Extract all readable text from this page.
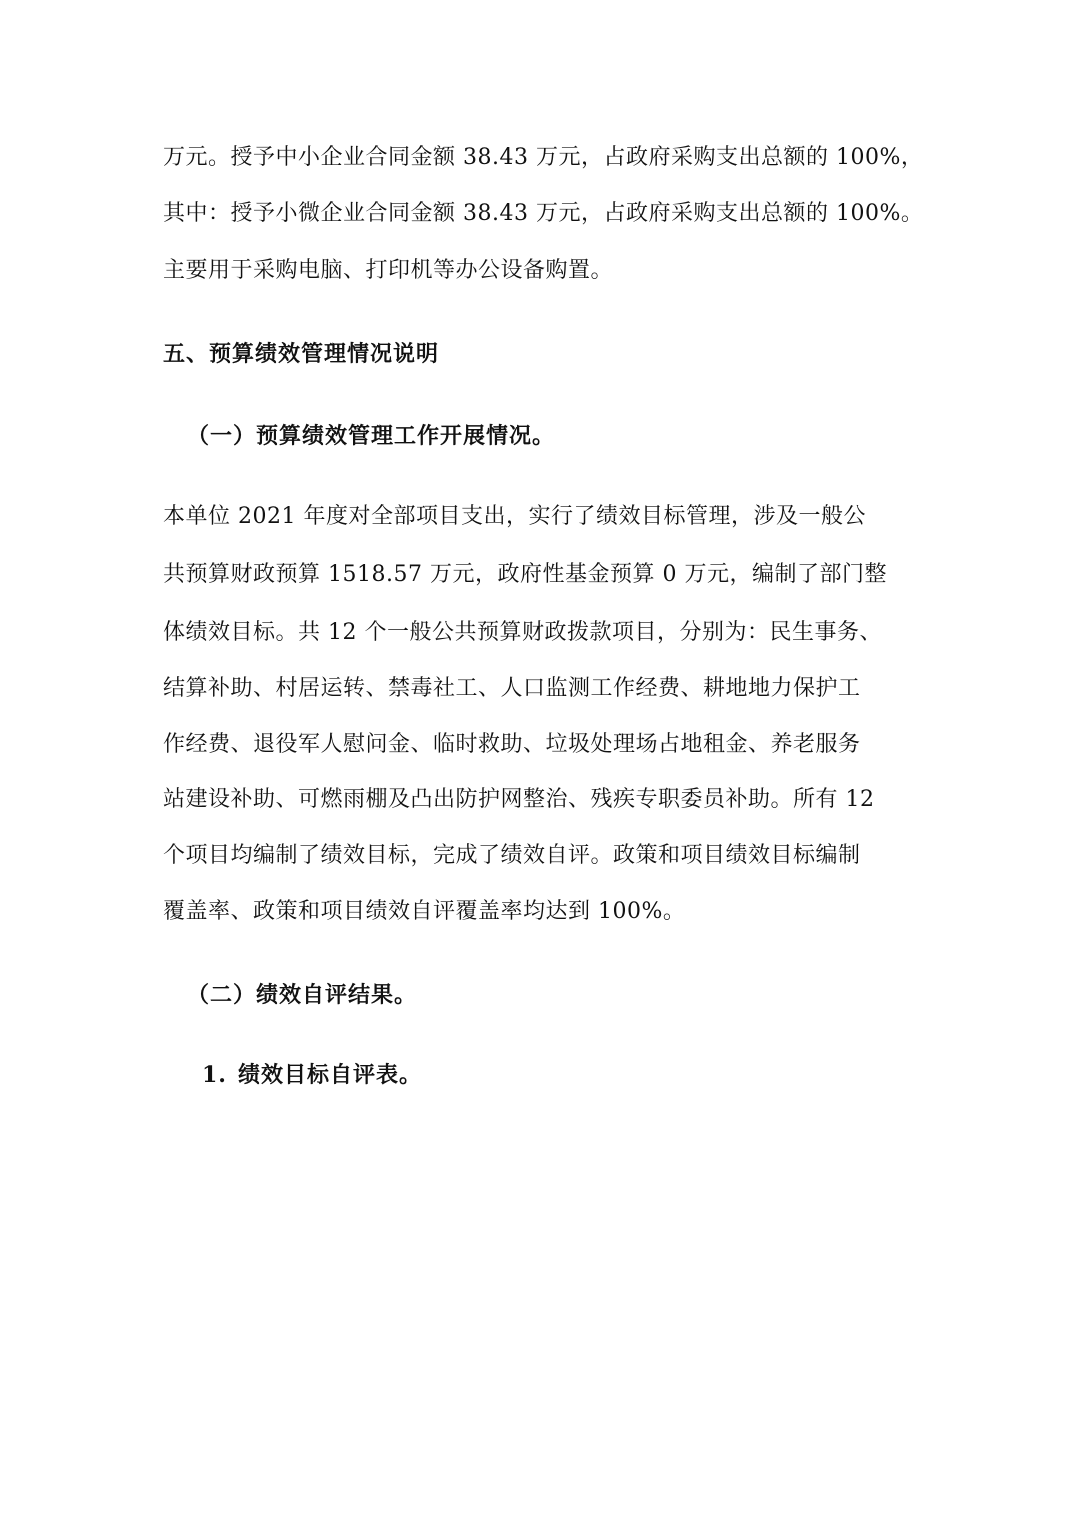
万元。授予中小企业合同金额 38.43 万元，占政府采购支出总额的 100%，
其中：授予小微企业合同金额 38.43 万元，占政府采购支出总额的 100%。
主要用于采购电脑、打印机等办公设备购置。
五、预算绩效管理情况说明
（一）预算绩效管理工作开展情况。
本单位 2021 年度对全部项目支出，实行了绩效目标管理，涉及一般公
共预算财政预算 1518.57 万元，政府性基金预算 0 万元，编制了部门整
体绩效目标。共 12 个一般公共预算财政拨款项目，分别为：民生事务、
结算补助、村居运转、禁毒社工、人口监测工作经费、耕地地力保护工
作经费、退役军人慰问金、临时救助、垃圾处理场占地租金、养老服务
站建设补助、可燃雨棚及凸出防护网整治、残疾专职委员补助。所有 12
个项目均编制了绩效目标，完成了绩效自评。政策和项目绩效目标编制
覆盖率、政策和项目绩效自评覆盖率均达到 100%。
（二）绩效自评结果。
1. 绩效目标自评表。
